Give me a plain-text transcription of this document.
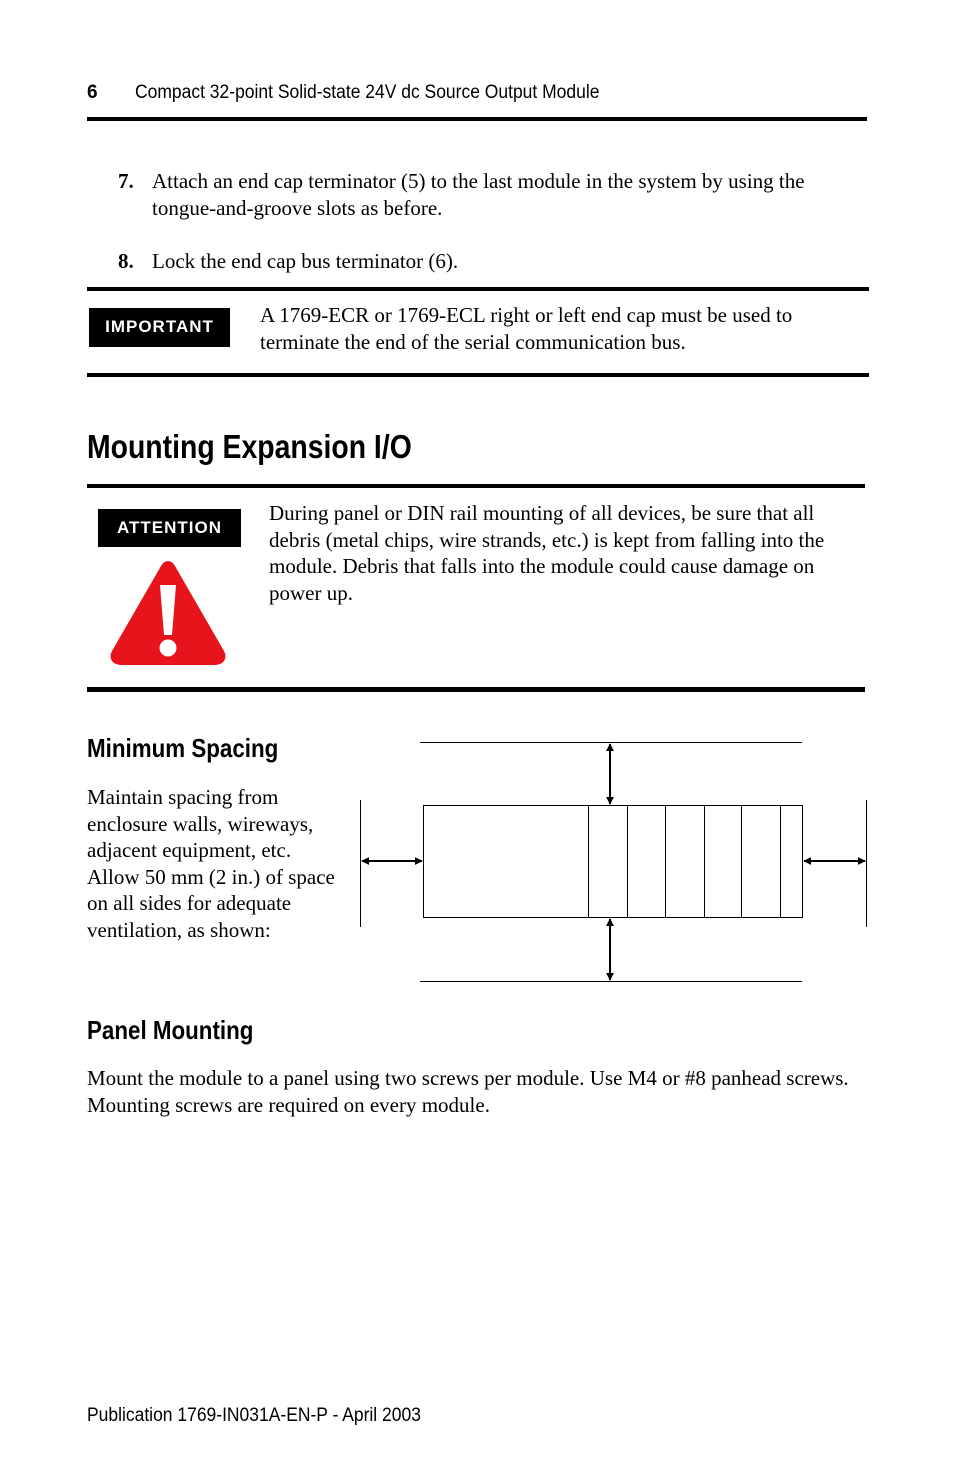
6 Compact 32-point Solid-state 24V dc Source Output Module
7. Attach an end cap terminator (5) to the last module in the system by using the tongue-and-groove slots as before.
8. Lock the end cap bus terminator (6).
IMPORTANT	A 1769-ECR or 1769-ECL right or left end cap must be used to terminate the end of the serial communication bus.
Mounting Expansion I/O
ATTENTION
During panel or DIN rail mounting of all devices, be sure that all debris (metal chips, wire strands, etc.) is kept from falling into the module. Debris that falls into the module could cause damage on power up.
Minimum Spacing
Maintain spacing from enclosure walls, wireways, adjacent equipment, etc. Allow 50 mm (2 in.) of space on all sides for adequate ventilation, as shown:
Panel Mounting
Mount the module to a panel using two screws per module. Use M4 or #8 panhead screws. Mounting screws are required on every module.
Publication 1769-IN031A-EN-P - April 2003
